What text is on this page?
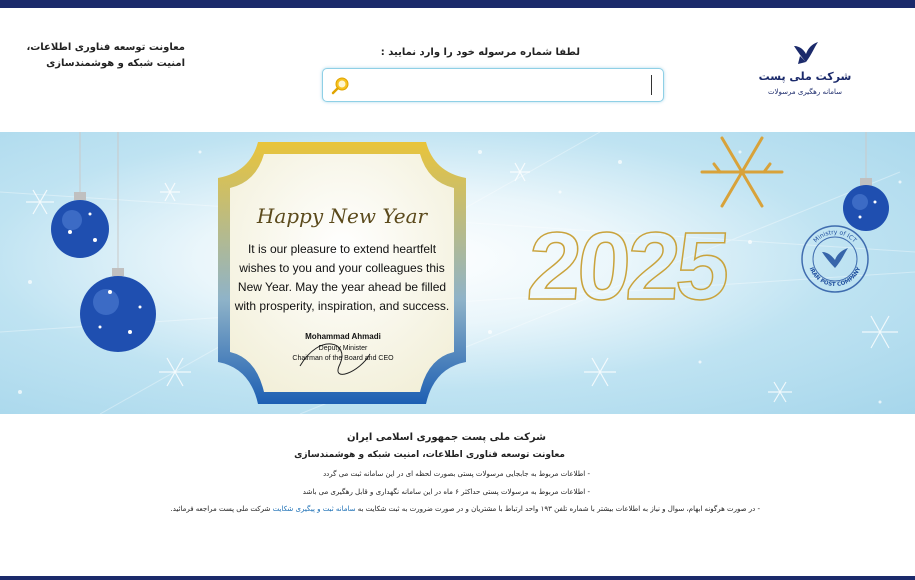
شرکت ملی پست
سامانه رهگیری مرسولات
لطفا شماره مرسوله خود را وارد نمایید :
معاونت توسعه فناوری اطلاعات،
امنیت شبکه و هوشمندسازی
Happy New Year
It is our pleasure to extend heartfelt wishes to you and your colleagues this New Year. May the year ahead be filled with prosperity, inspiration, and success.
Mohammad Ahmadi
Deputy Minister
Chairman of the Board and CEO
2025	Ministry of ICT
IRAN POST COMPANY
شرکت ملی پست جمهوری اسلامی ایران
معاونت توسعه فناوری اطلاعات، امنیت شبکه و هوشمندسازی
- اطلاعات مربوط به جابجایی مرسولات پستی بصورت لحظه ای در این سامانه ثبت می گردد
- اطلاعات مربوط به مرسولات پستی حداکثر ۶ ماه در این سامانه نگهداری و قابل رهگیری می باشد
- در صورت هرگونه ابهام، سوال و نیاز به اطلاعات بیشتر با شماره تلفن ۱۹۳ واحد ارتباط با مشتریان و در صورت ضرورت به ثبت شکایت به سامانه ثبت و پیگیری شکایت شرکت ملی پست مراجعه فرمائید.
